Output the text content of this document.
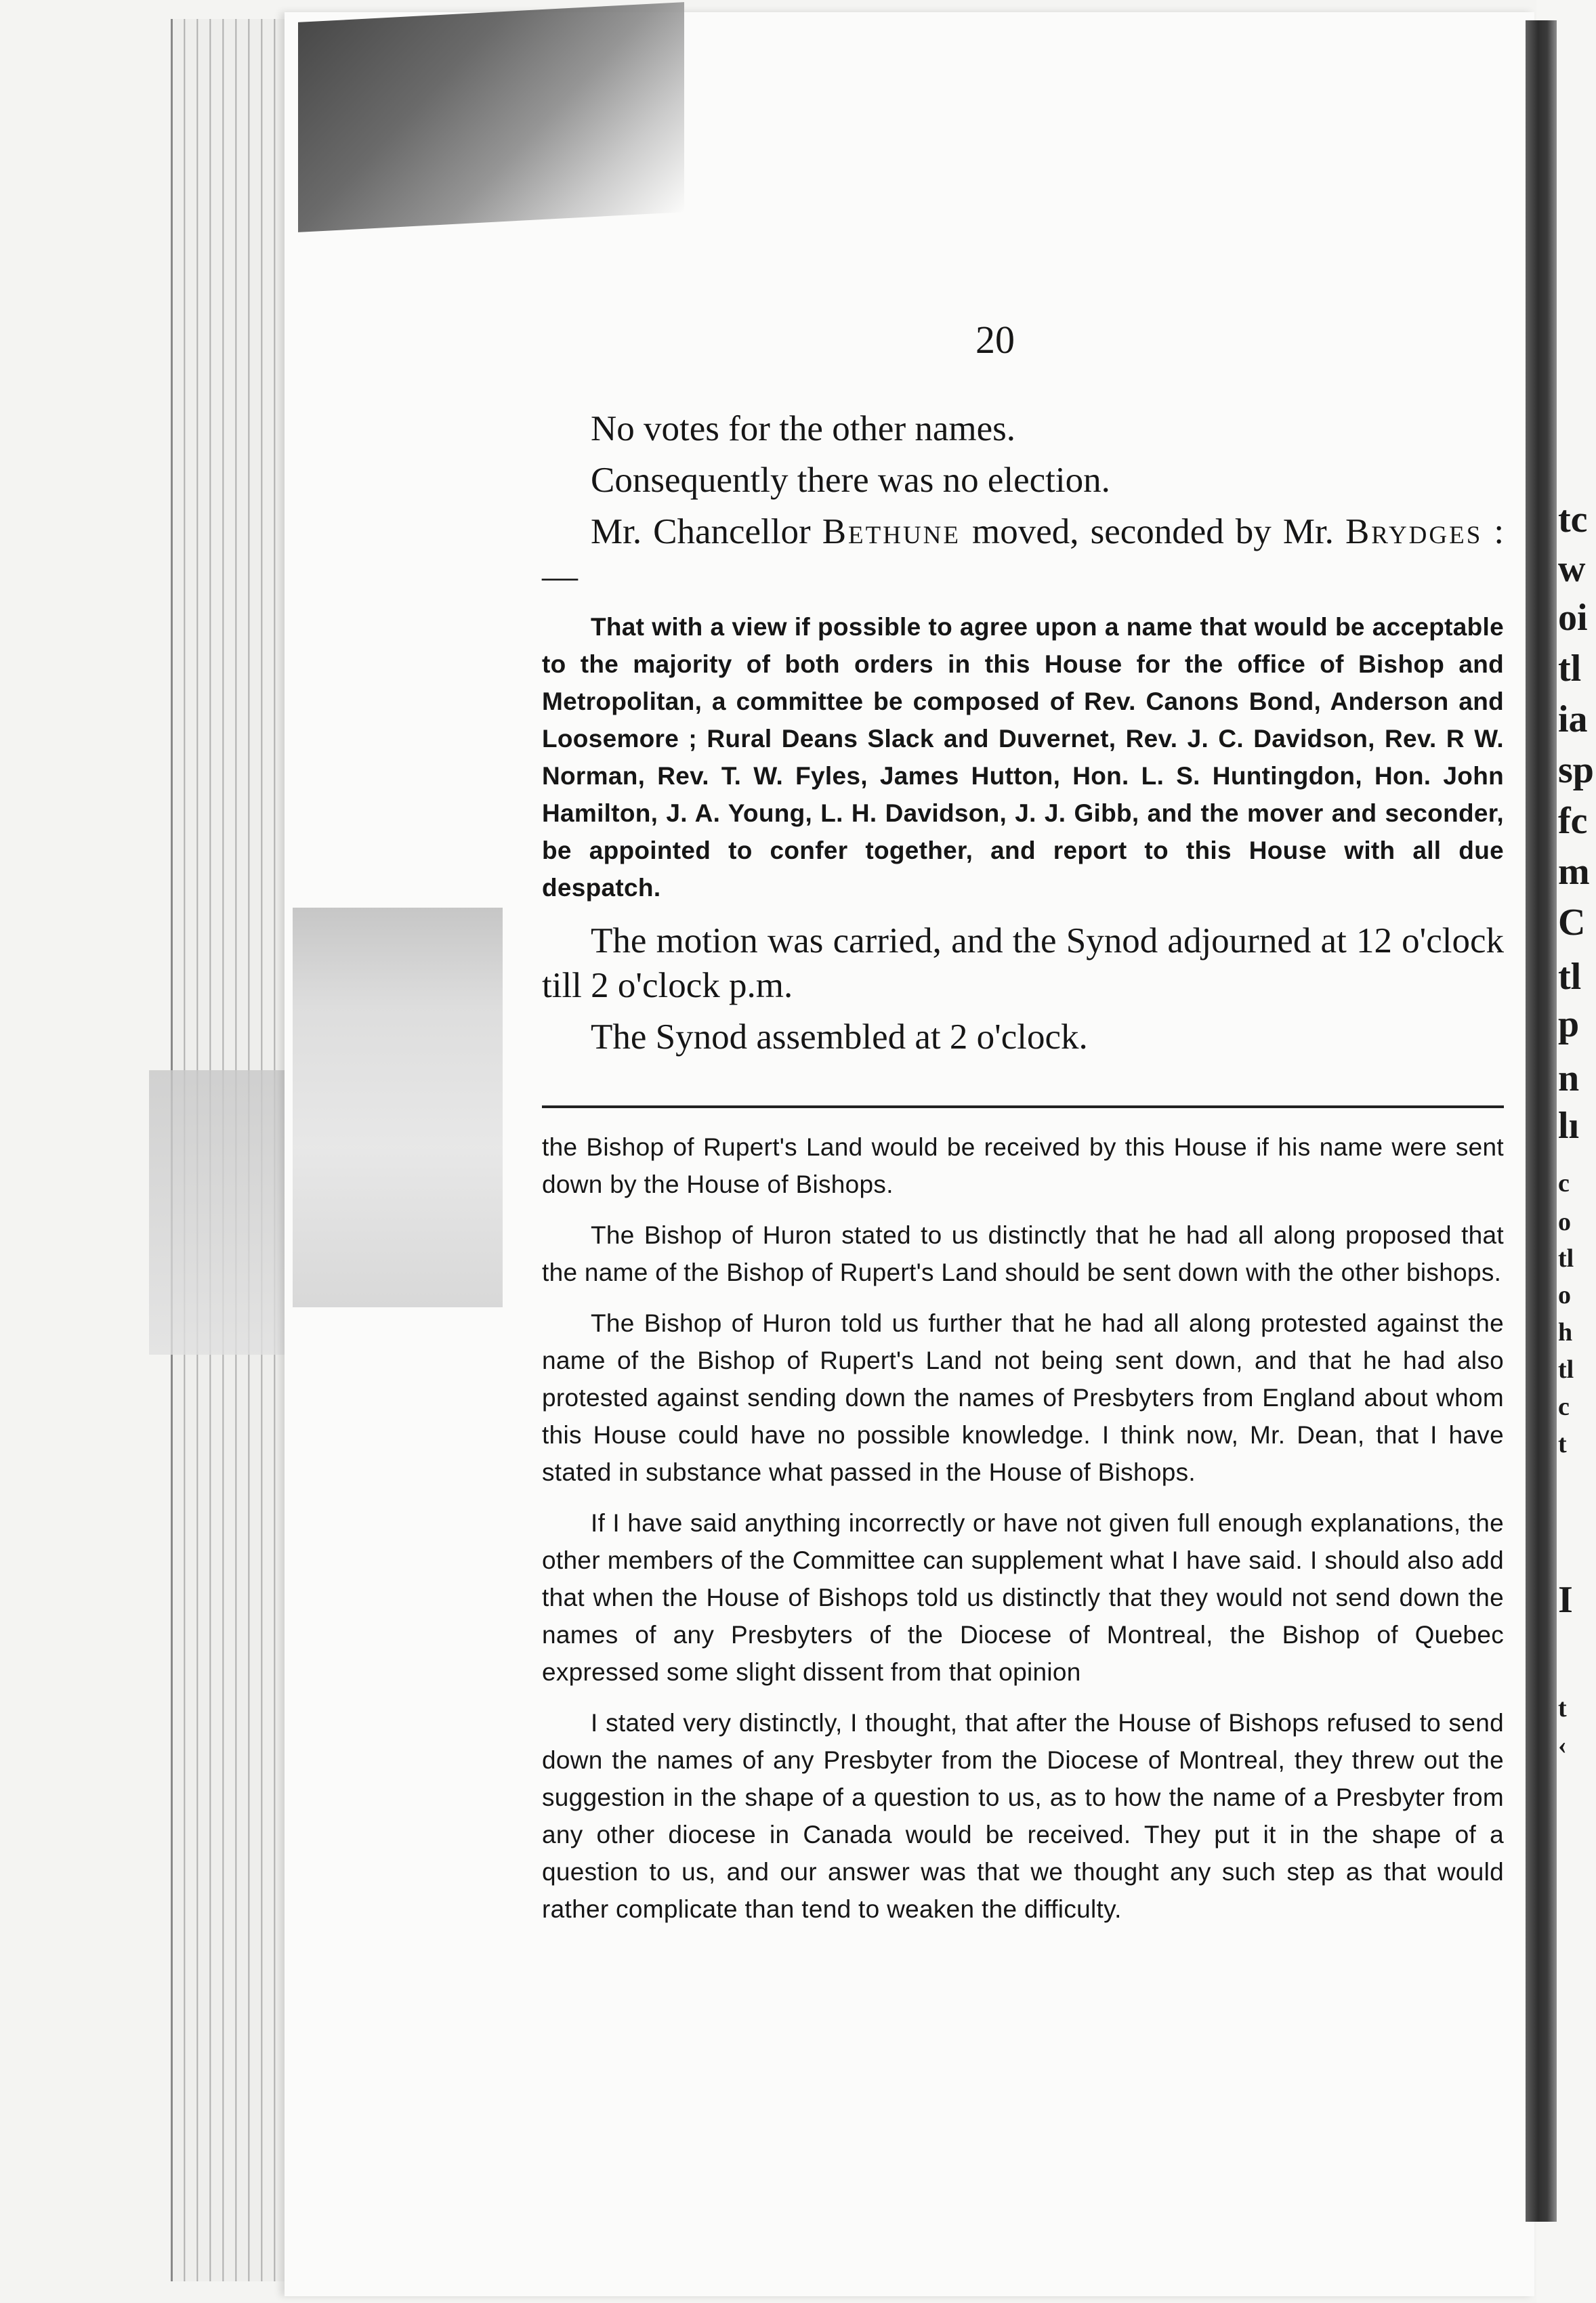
tc
w
oi
tl
ia
sp
fc
m
C
tl
p
n
lı
c
o
tl
o
h
tl
c
t
I
t
‹
20

No votes for the other names.

Consequently there was no election.

Mr. Chancellor Bethune moved, seconded by Mr. Brydges :—

That with a view if possible to agree upon a name that would be acceptable to the majority of both orders in this House for the office of Bishop and Metropolitan, a committee be composed of Rev. Canons Bond, Anderson and Loosemore ; Rural Deans Slack and Duvernet, Rev. J. C. Davidson, Rev. R W. Norman, Rev. T. W. Fyles, James Hutton, Hon. L. S. Huntingdon, Hon. John Hamilton, J. A. Young, L. H. Davidson, J. J. Gibb, and the mover and seconder, be appointed to confer together, and report to this House with all due despatch.

The motion was carried, and the Synod adjourned at 12 o'clock till 2 o'clock p.m.

The Synod assembled at 2 o'clock.

the Bishop of Rupert's Land would be received by this House if his name were sent down by the House of Bishops.

The Bishop of Huron stated to us distinctly that he had all along proposed that the name of the Bishop of Rupert's Land should be sent down with the other bishops.

The Bishop of Huron told us further that he had all along protested against the name of the Bishop of Rupert's Land not being sent down, and that he had also protested against sending down the names of Presbyters from England about whom this House could have no possible knowledge. I think now, Mr. Dean, that I have stated in substance what passed in the House of Bishops.

If I have said anything incorrectly or have not given full enough explanations, the other members of the Committee can supplement what I have said. I should also add that when the House of Bishops told us distinctly that they would not send down the names of any Presbyters of the Diocese of Montreal, the Bishop of Quebec expressed some slight dissent from that opinion

I stated very distinctly, I thought, that after the House of Bishops refused to send down the names of any Presbyter from the Diocese of Montreal, they threw out the suggestion in the shape of a question to us, as to how the name of a Presbyter from any other diocese in Canada would be received. They put it in the shape of a question to us, and our answer was that we thought any such step as that would rather complicate than tend to weaken the difficulty.
